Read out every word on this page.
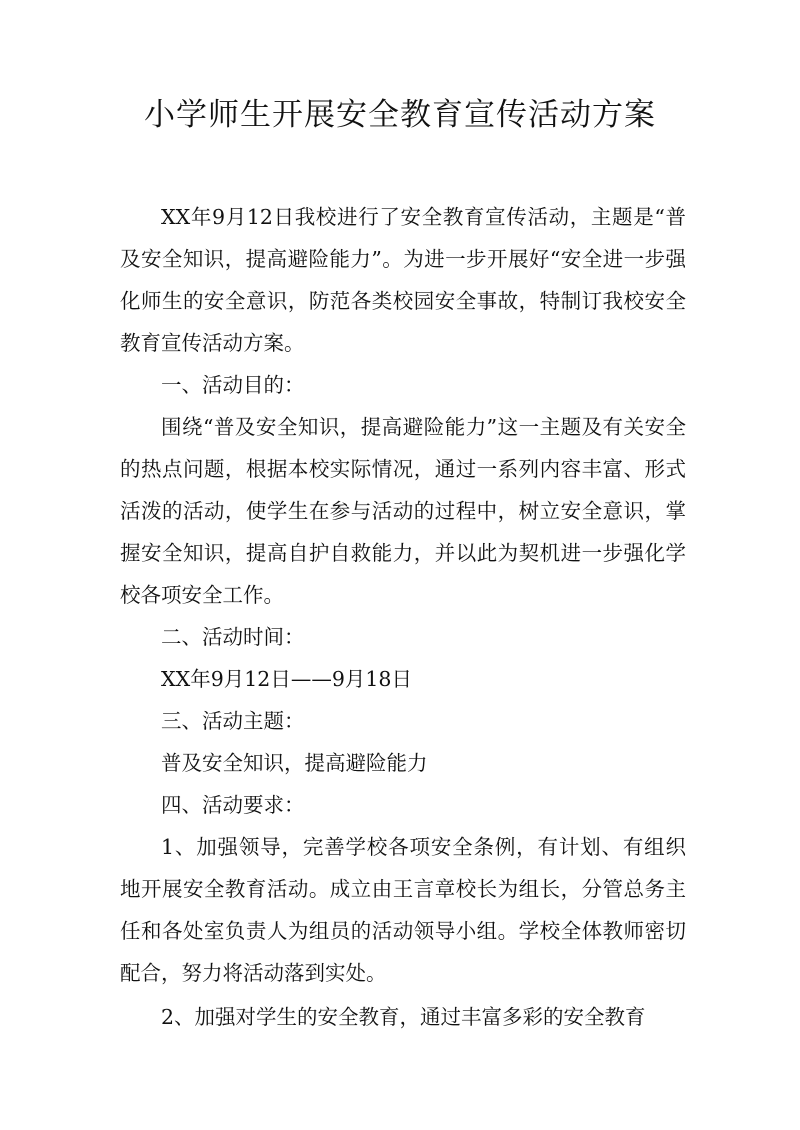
小学师生开展安全教育宣传活动方案

XX年9月12日我校进行了安全教育宣传活动，主题是“普及安全知识，提高避险能力”。为进一步开展好“安全进一步强化师生的安全意识，防范各类校园安全事故，特制订我校安全教育宣传活动方案。

一、活动目的：

围绕“普及安全知识，提高避险能力”这一主题及有关安全的热点问题，根据本校实际情况，通过一系列内容丰富、形式活泼的活动，使学生在参与活动的过程中，树立安全意识，掌握安全知识，提高自护自救能力，并以此为契机进一步强化学校各项安全工作。

二、活动时间：

XX年9月12日——9月18日

三、活动主题：

普及安全知识，提高避险能力

四、活动要求：

1、加强领导，完善学校各项安全条例，有计划、有组织地开展安全教育活动。成立由王言章校长为组长，分管总务主任和各处室负责人为组员的活动领导小组。学校全体教师密切配合，努力将活动落到实处。

2、加强对学生的安全教育，通过丰富多彩的安全教育
